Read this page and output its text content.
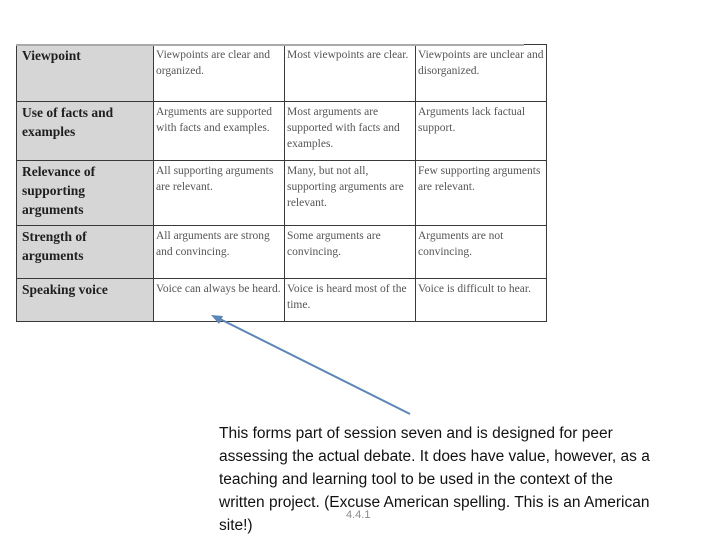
Viewpoint	Viewpoints are clear and organized.	Most viewpoints are clear.	Viewpoints are unclear and disorganized.
Use of facts and examples	Arguments are supported with facts and examples.	Most arguments are supported with facts and examples.	Arguments lack factual support.
Relevance of supporting arguments	All supporting arguments are relevant.	Many, but not all, supporting arguments are relevant.	Few supporting arguments are relevant.
Strength of arguments	All arguments are strong and convincing.	Some arguments are convincing.	Arguments are not convincing.
Speaking voice	Voice can always be heard.	Voice is heard most of the time.	Voice is difficult to hear.
This forms part of session seven and is designed for peer assessing the actual debate. It does have value, however, as a teaching and learning tool to be used in the context of the written project. (Excuse American spelling. This is an American site!)
4.4.1
